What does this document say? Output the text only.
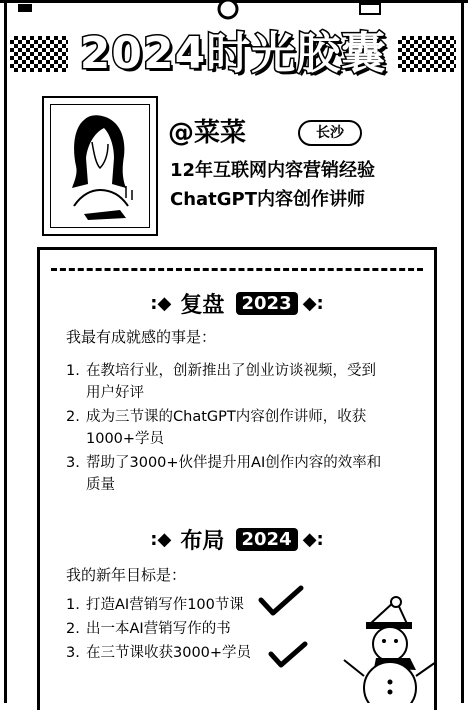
2024时光胶囊
@菜菜	长沙
12年互联网内容营销经验
ChatGPT内容创作讲师
:◆ 复盘 2023 ◆:
我最有成就感的事是：
1. 在教培行业，创新推出了创业访谈视频，受到
用户好评
2. 成为三节课的ChatGPT内容创作讲师，收获
1000+学员
3. 帮助了3000+伙伴提升用AI创作内容的效率和
质量
:◆ 布局 2024 ◆:
我的新年目标是：
1. 打造AI营销写作100节课
2. 出一本AI营销写作的书
3. 在三节课收获3000+学员
